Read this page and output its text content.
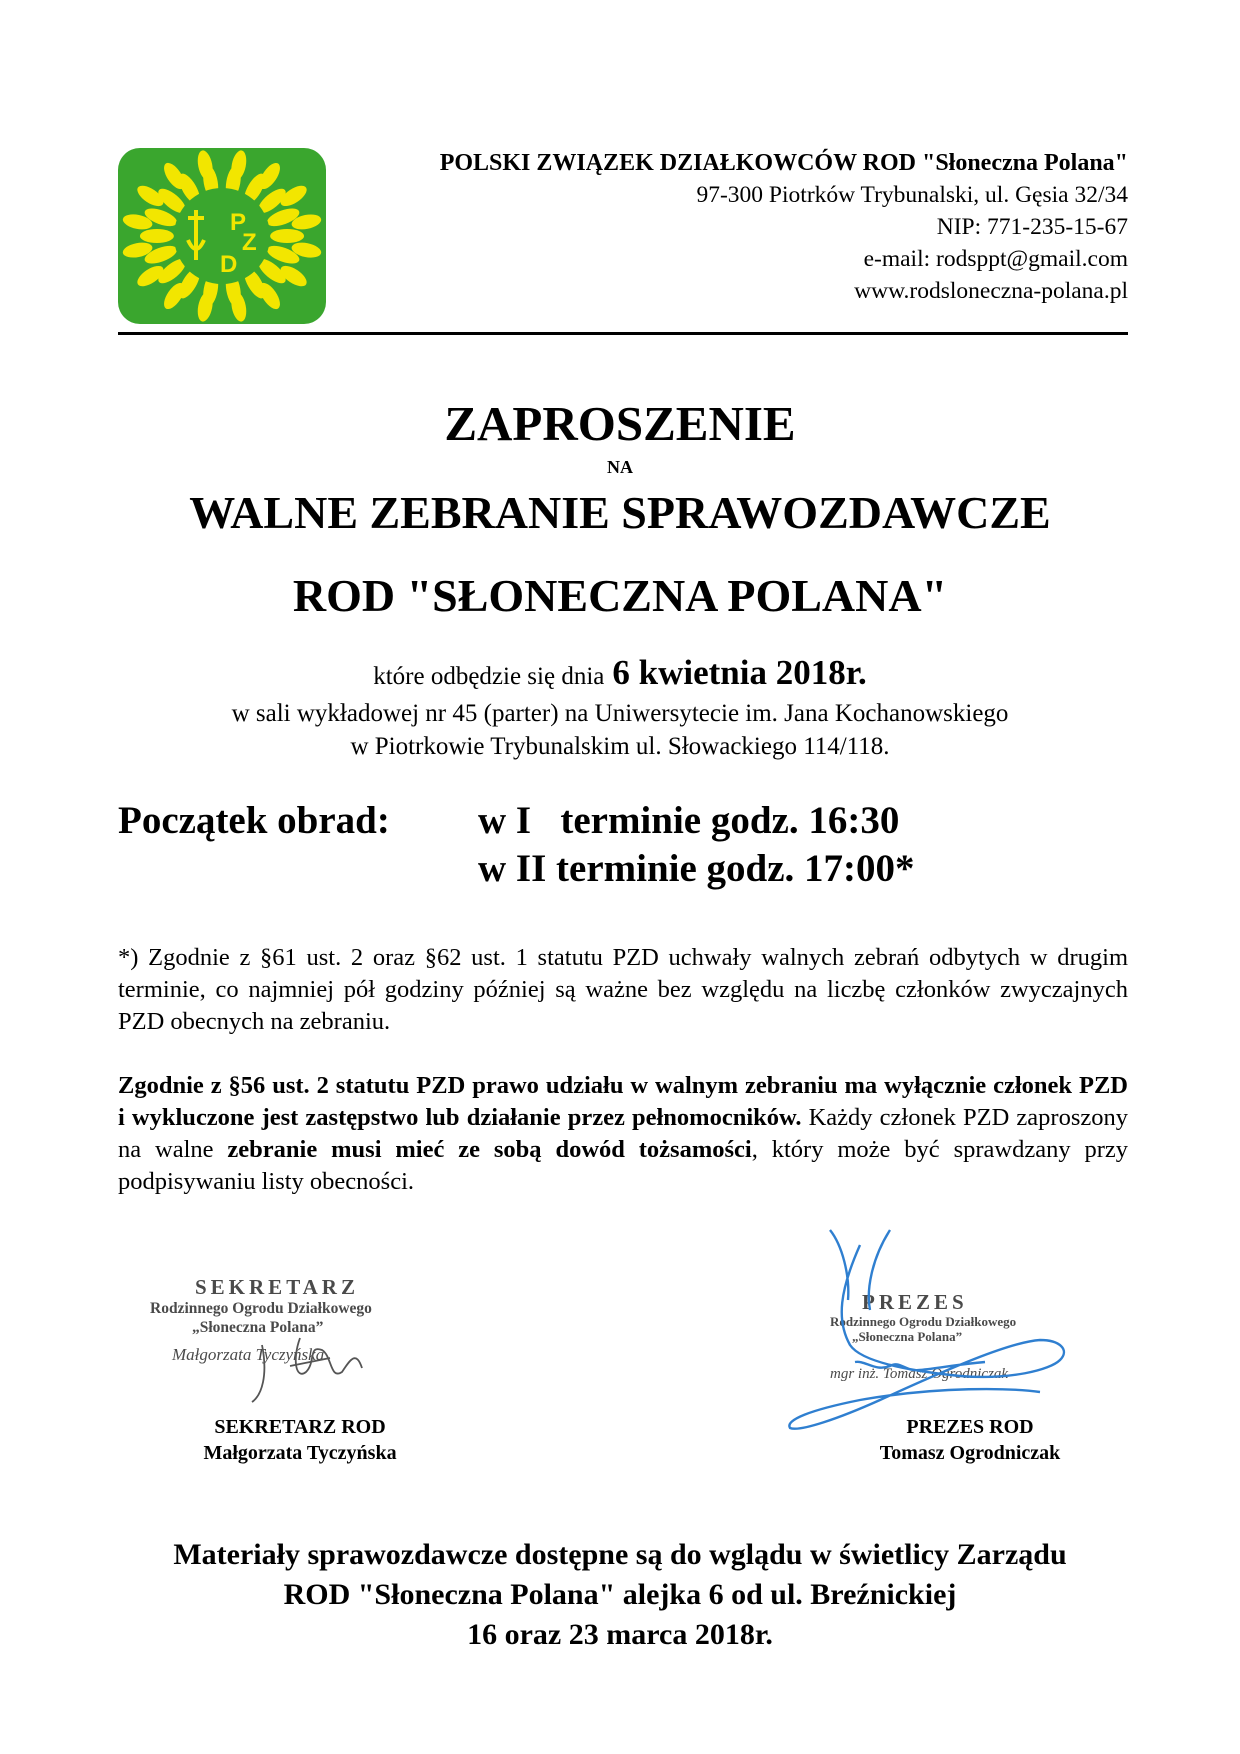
P
Z
D
POLSKI ZWIĄZEK DZIAŁKOWCÓW ROD "Słoneczna Polana"
97-300 Piotrków Trybunalski, ul. Gęsia 32/34
NIP: 771-235-15-67
e-mail: rodsppt@gmail.com
www.rodsloneczna-polana.pl
ZAPROSZENIE
NA
WALNE ZEBRANIE SPRAWOZDAWCZE
ROD "SŁONECZNA POLANA"
które odbędzie się dnia 6 kwietnia 2018r.
w sali wykładowej nr 45 (parter) na Uniwersytecie im. Jana Kochanowskiego
w Piotrkowie Trybunalskim ul. Słowackiego 114/118.
Początek obrad: w I   terminie godz. 16:30
w II terminie godz. 17:00*
*) Zgodnie z §61 ust. 2 oraz §62 ust. 1 statutu PZD uchwały walnych zebrań odbytych w drugim terminie, co najmniej pół godziny później są ważne bez względu na liczbę członków zwyczajnych PZD obecnych na zebraniu.
Zgodnie z §56 ust. 2 statutu PZD prawo udziału w walnym zebraniu ma wyłącznie członek PZD i wykluczone jest zastępstwo lub działanie przez pełnomocników. Każdy członek PZD zaproszony na walne zebranie musi mieć ze sobą dowód tożsamości, który może być sprawdzany przy podpisywaniu listy obecności.
SEKRETARZ
Rodzinnego Ogrodu Działkowego
„Słoneczna Polana”
Małgorzata Tyczyńska
PREZES
Rodzinnego Ogrodu Działkowego
„Słoneczna Polana”
mgr inż. Tomasz Ogrodniczak
SEKRETARZ ROD
Małgorzata Tyczyńska
PREZES ROD
Tomasz Ogrodniczak
Materiały sprawozdawcze dostępne są do wglądu w świetlicy Zarządu
ROD "Słoneczna Polana" alejka 6 od ul. Breźnickiej
16 oraz 23 marca 2018r.
